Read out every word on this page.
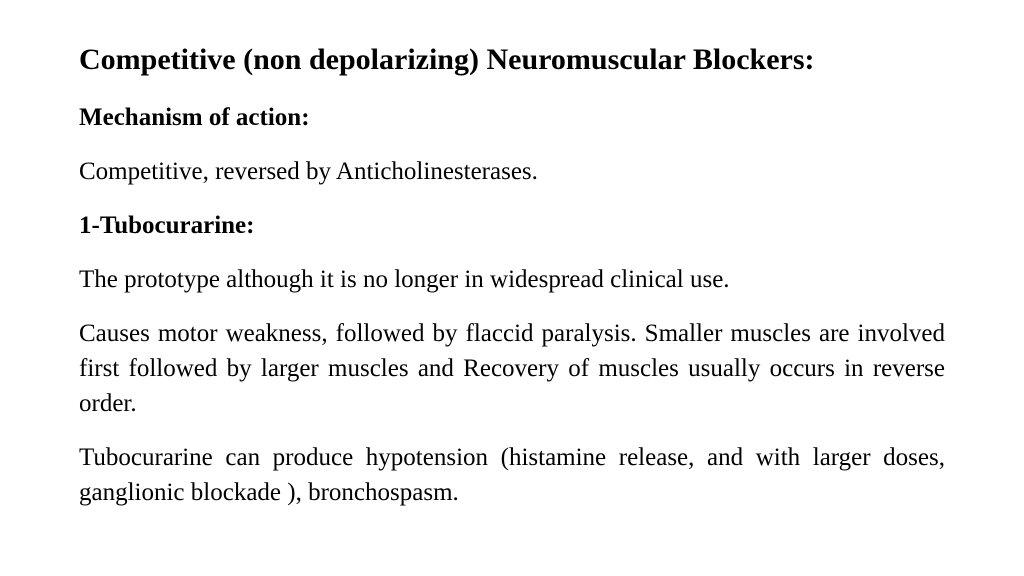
Competitive (non depolarizing) Neuromuscular Blockers:
Mechanism of action:
Competitive, reversed by Anticholinesterases.
1-Tubocurarine:
The prototype although it is no longer in widespread clinical use.
Causes motor weakness, followed by flaccid paralysis. Smaller muscles are involved first followed by larger muscles and Recovery of muscles usually occurs in reverse order.
Tubocurarine can produce hypotension (histamine release, and with larger doses, ganglionic blockade ), bronchospasm.
